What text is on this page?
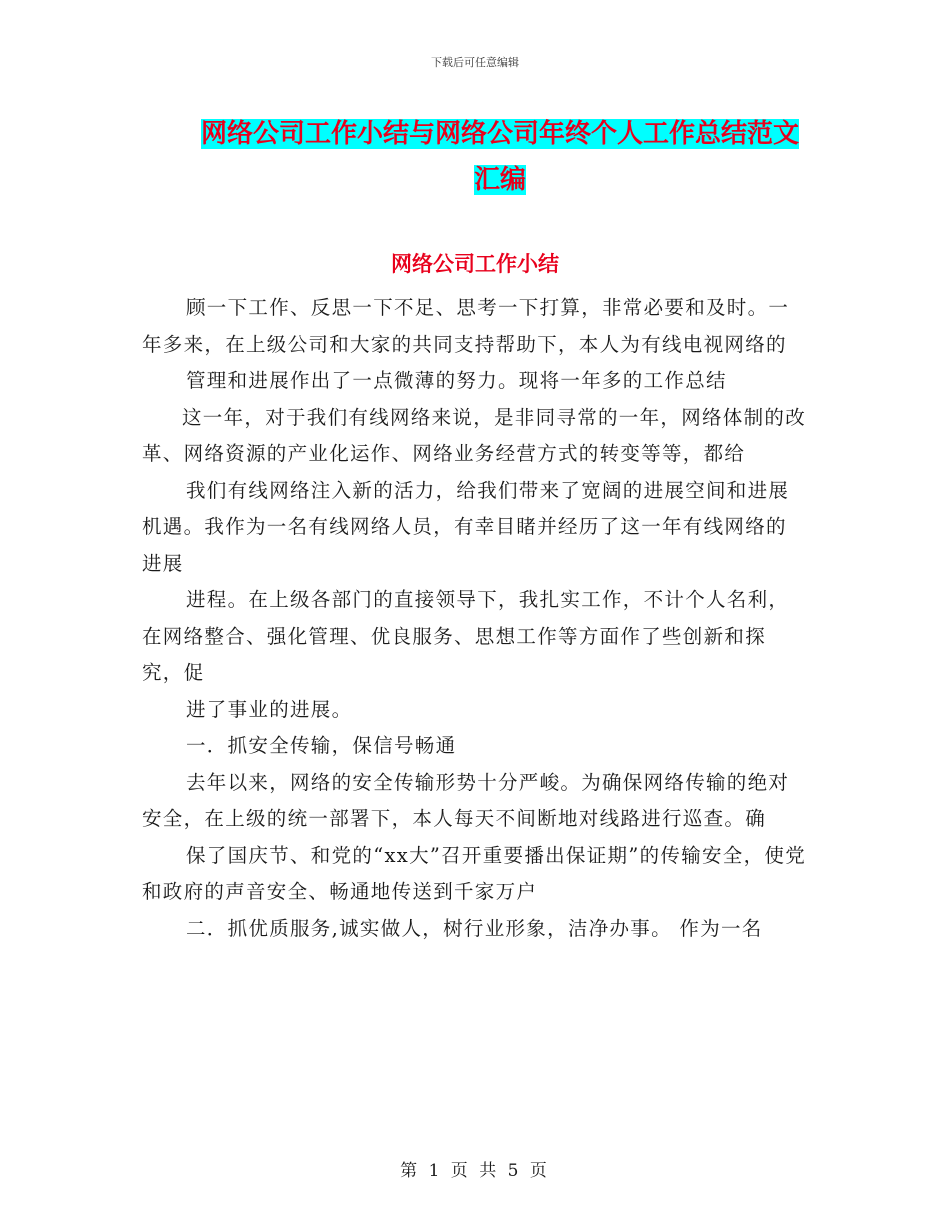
下载后可任意编辑
网络公司工作小结与网络公司年终个人工作总结范文
汇编
网络公司工作小结

顾一下工作、反思一下不足、思考一下打算，非常必要和及时。一年多来，在上级公司和大家的共同支持帮助下，本人为有线电视网络的

管理和进展作出了一点微薄的努力。现将一年多的工作总结

这一年，对于我们有线网络来说，是非同寻常的一年，网络体制的改革、网络资源的产业化运作、网络业务经营方式的转变等等，都给

我们有线网络注入新的活力，给我们带来了宽阔的进展空间和进展机遇。我作为一名有线网络人员，有幸目睹并经历了这一年有线网络的进展

进程。在上级各部门的直接领导下，我扎实工作，不计个人名利，在网络整合、强化管理、优良服务、思想工作等方面作了些创新和探究，促

进了事业的进展。

一．抓安全传输，保信号畅通

去年以来，网络的安全传输形势十分严峻。为确保网络传输的绝对安全，在上级的统一部署下，本人每天不间断地对线路进行巡查。确

保了国庆节、和党的“xx大”召开重要播出保证期”的传输安全，使党和政府的声音安全、畅通地传送到千家万户

二．抓优质服务,诚实做人，树行业形象，洁净办事。 作为一名

第 1 页 共 5 页
